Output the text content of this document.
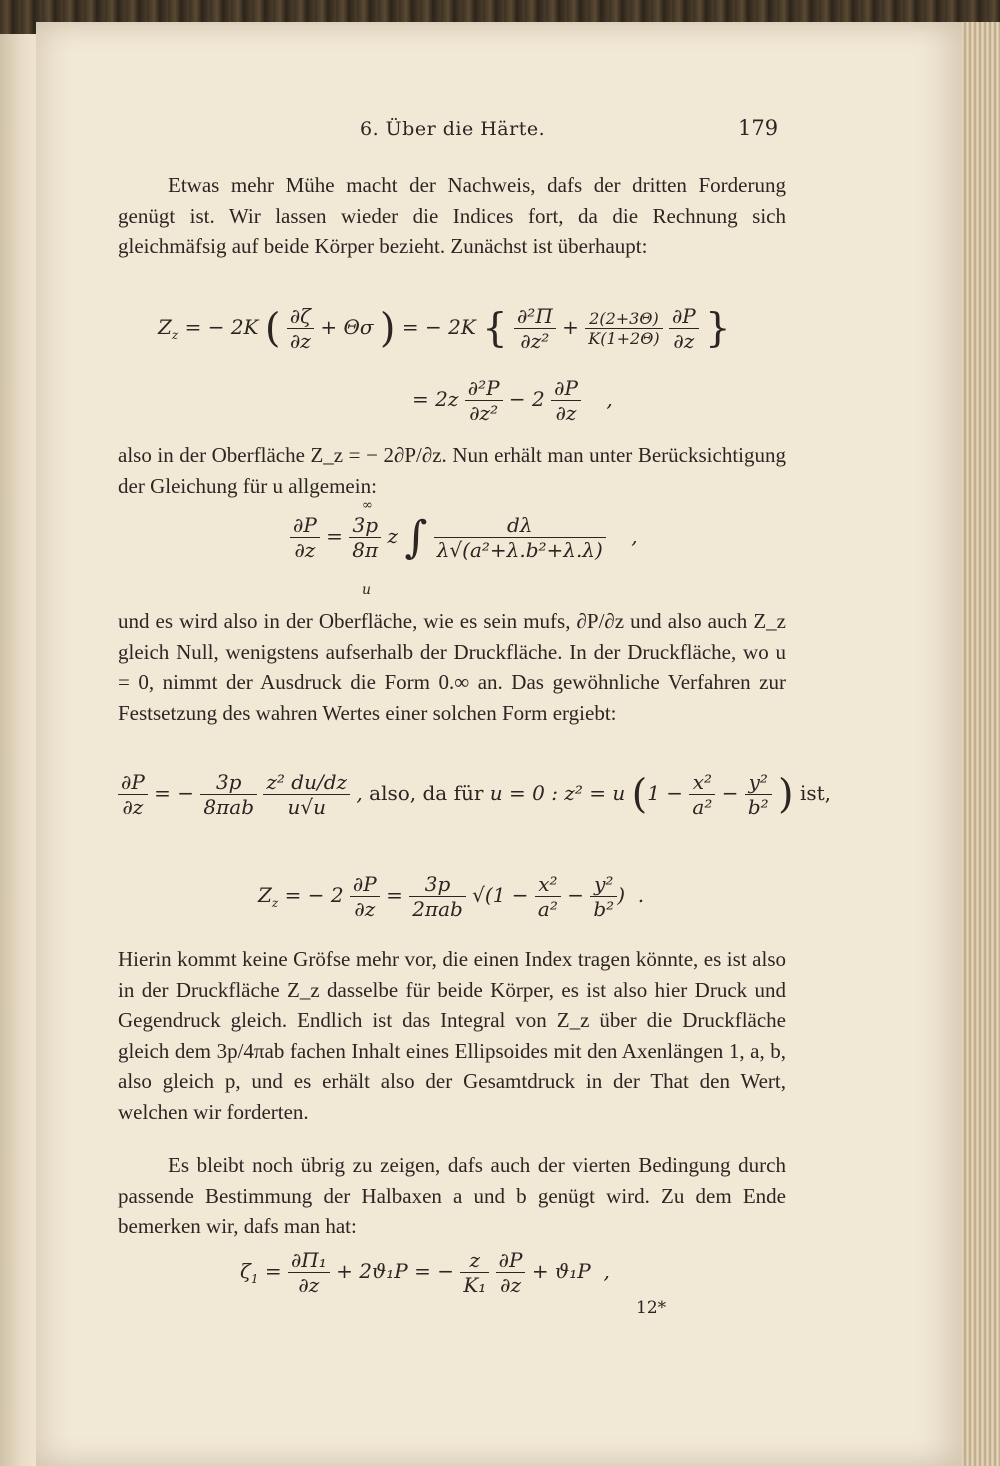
6. Über die Härte.	179
Etwas mehr Mühe macht der Nachweis, dafs der dritten Forderung genügt ist. Wir lassen wieder die Indices fort, da die Rechnung sich gleichmäfsig auf beide Körper bezieht. Zunächst ist überhaupt:
$Z_z$ = − 2K ( $\frac{\partial\zeta}{\partial z} + \Theta\sigma$ ) = − 2K { $\frac{\text{∂²Π}}{\text{∂z²}} + \frac{2(2+3\Theta)}{K(1+2\Theta)}$
$\frac{\partial P}{\partial z}$ }
= $2z \frac{\text{∂²P}}{\text{∂z²}} - 2 \frac{\partial P}{\partial z}$ ,
also in der Oberfläche Z_z = − 2∂P/∂z. Nun erhält man unter Berücksichtigung der Gleichung für u allgemein:
$\frac{\partial P}{\partial z} = \frac{3p}{8\pi}$ z ∫ $\frac{d\lambda}{\text{λ√(a²+λ.b²+λ.λ)}}$ ,
∞
u
und es wird also in der Oberfläche, wie es sein mufs, ∂P/∂z und also auch Z_z gleich Null, wenigstens aufserhalb der Druckfläche. In der Druckfläche, wo u = 0, nimmt der Ausdruck die Form 0.∞ an. Das gewöhnliche Verfahren zur Festsetzung des wahren Wertes einer solchen Form ergiebt:
$\frac{\partial P}{\partial z}$ = − $\frac{3p}{\text{8πab}}$
$\frac{\text{z² du/dz}}{u√u}$ , also, da für u = 0 : z² = u ($1 - \frac{\text{x²}}{\text{a²}} - \frac{\text{y²}}{\text{b²}}$ ) ist,
$Z_z$ = − $2 \frac{\partial P}{\partial z} = \frac{3p}{\text{2πab}} √(1 - \frac{\text{x²}}{\text{a²}} - \frac{\text{y²}}{\text{b²}}$ )  .
Hierin kommt keine Gröfse mehr vor, die einen Index tragen könnte, es ist also in der Druckfläche Z_z dasselbe für beide Körper, es ist also hier Druck und Gegendruck gleich. Endlich ist das Integral von Z_z über die Druckfläche gleich dem 3p/4πab fachen Inhalt eines Ellipsoides mit den Axenlängen 1, a, b, also gleich p, und es erhält also der Gesamtdruck in der That den Wert, welchen wir forderten.
Es bleibt noch übrig zu zeigen, dafs auch der vierten Bedingung durch passende Bestimmung der Halbaxen a und b genügt wird. Zu dem Ende bemerken wir, dafs man hat:
$\zeta_1 = \frac{\text{∂Π₁}}{\partial z} + 2ϑ_1P$ = − $\frac{z}{\text{K₁}}$
$\frac{\partial P}{\partial z} + ϑ_1P$  ,
12*
